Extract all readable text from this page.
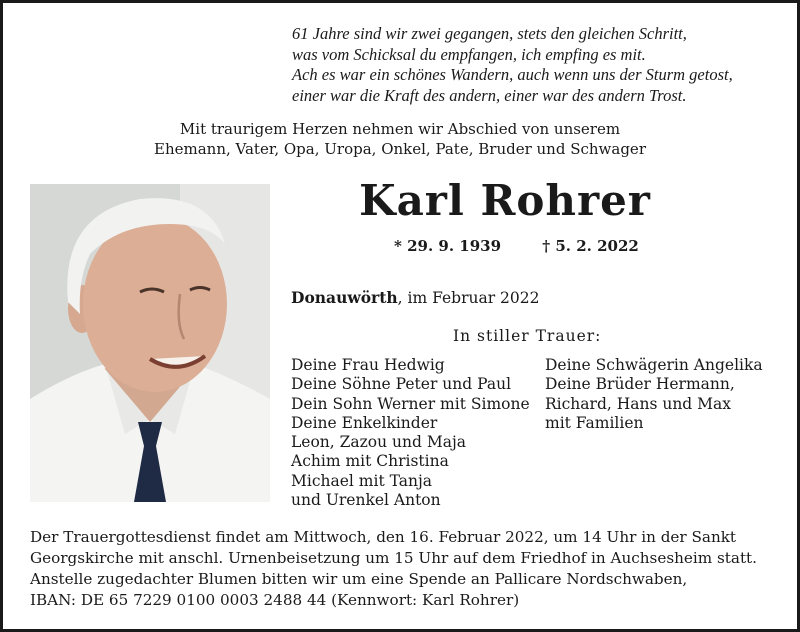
61 Jahre sind wir zwei gegangen, stets den gleichen Schritt,
was vom Schicksal du empfangen, ich empfing es mit.
Ach es war ein schönes Wandern, auch wenn uns der Sturm getost,
einer war die Kraft des andern, einer war des andern Trost.
Mit traurigem Herzen nehmen wir Abschied von unserem
Ehemann, Vater, Opa, Uropa, Onkel, Pate, Bruder und Schwager
Karl Rohrer
* 29. 9. 1939	† 5. 2. 2022
Donauwörth, im Februar 2022
In stiller Trauer:
Deine Frau Hedwig
Deine Söhne Peter und Paul
Dein Sohn Werner mit Simone
Deine Enkelkinder
Leon, Zazou und Maja
Achim mit Christina
Michael mit Tanja
und Urenkel Anton
Deine Schwägerin Angelika
Deine Brüder Hermann,
Richard, Hans und Max
mit Familien
Der Trauergottesdienst findet am Mittwoch, den 16. Februar 2022, um 14 Uhr in der Sankt
Georgskirche mit anschl. Urnenbeisetzung um 15 Uhr auf dem Friedhof in Auchsesheim statt.
Anstelle zugedachter Blumen bitten wir um eine Spende an Pallicare Nordschwaben,
IBAN: DE 65 7229 0100 0003 2488 44 (Kennwort: Karl Rohrer)
